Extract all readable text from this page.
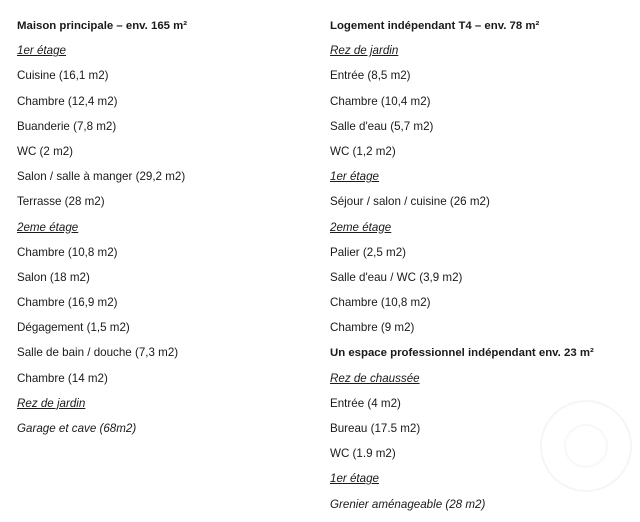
Maison principale – env. 165 m²
1er étage
Cuisine (16,1 m2)
Chambre (12,4 m2)
Buanderie (7,8 m2)
WC (2 m2)
Salon / salle à manger (29,2 m2)
Terrasse (28 m2)
2eme étage
Chambre (10,8 m2)
Salon (18 m2)
Chambre (16,9 m2)
Dégagement (1,5 m2)
Salle de bain / douche (7,3 m2)
Chambre (14 m2)
Rez de jardin
Garage et cave (68m2)
Logement indépendant T4 – env. 78 m²
Rez de jardin
Entrée (8,5 m2)
Chambre (10,4 m2)
Salle d'eau (5,7 m2)
WC (1,2 m2)
1er étage
Séjour / salon / cuisine (26 m2)
2eme étage
Palier (2,5 m2)
Salle d'eau / WC (3,9 m2)
Chambre (10,8 m2)
Chambre (9 m2)
Un espace professionnel indépendant env. 23 m²
Rez de chaussée
Entrée (4 m2)
Bureau (17.5 m2)
WC (1.9 m2)
1er étage
Grenier aménageable (28 m2)
